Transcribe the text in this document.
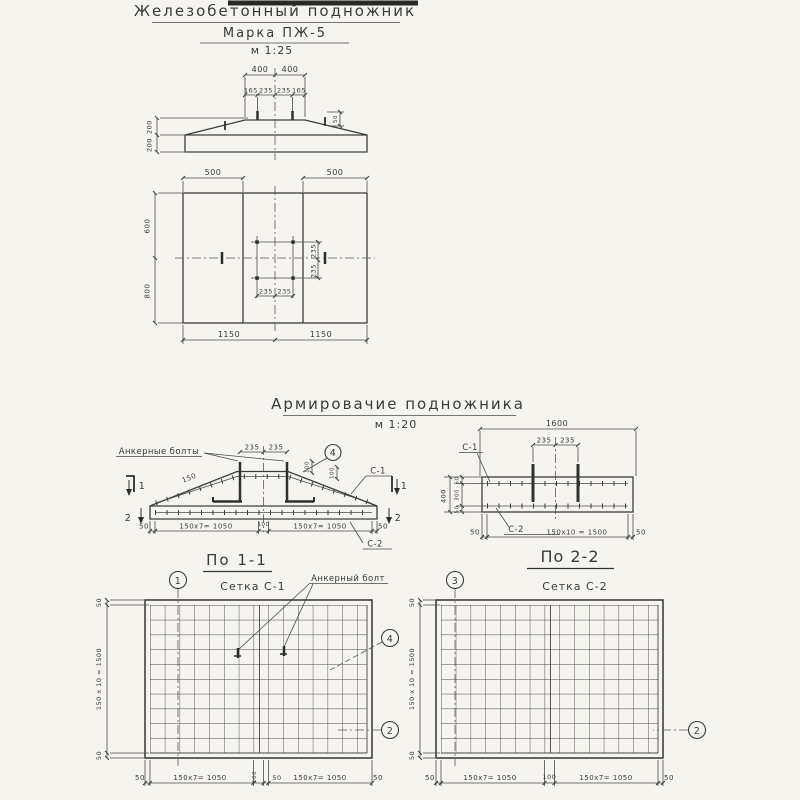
Железобетонный подножник
Марка ПЖ-5
м 1:25
400 400
165 235 235 165
50
200
200
500	500
600
800
1150	1150
235 235
235
235
Армировачие подножника
м 1:20
Анкерные болты	235 235
4
С-1
150
100	100
1
2
1
2
50	150х7= 1050	100	150х7= 1050	50
С-2
1600
235 235
С-1
400
50
300
50
С-2
50	150х10 = 1500	50
По 2-2
По 1-1
Сетка С-1
Анкерный болт
1
4
2
50
150 х 10 = 1500
50
50	150х7= 1050	100 50 150х7= 1050	50
Сетка С-2
3
2
50
150 х 10 = 1500
50
50	150х7= 1050	100	150х7= 1050	50
